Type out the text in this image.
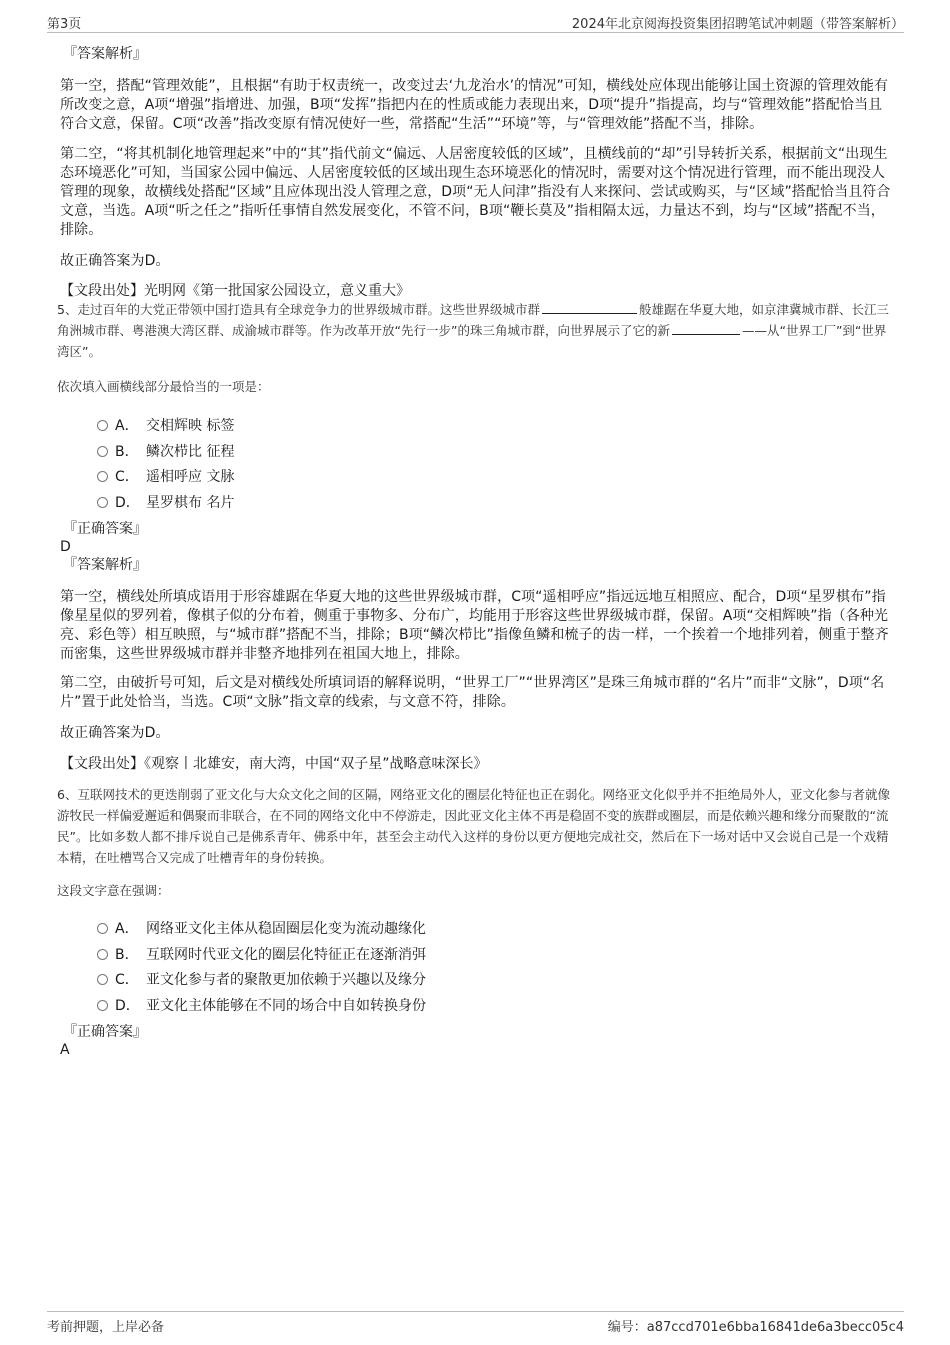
第3页	2024年北京阅海投资集团招聘笔试冲刺题（带答案解析）
『答案解析』

第一空，搭配“管理效能”，且根据“有助于权责统一，改变过去‘九龙治水’的情况”可知，横线处应体现出能够让国土资源的管理效能有所改变之意，A项“增强”指增进、加强，B项“发挥”指把内在的性质或能力表现出来，D项“提升”指提高，均与“管理效能”搭配恰当且符合文意，保留。C项“改善”指改变原有情况使好一些，常搭配“生活”“环境”等，与“管理效能”搭配不当，排除。

第二空，“将其机制化地管理起来”中的“其”指代前文“偏远、人居密度较低的区域”，且横线前的“却”引导转折关系，根据前文“出现生态环境恶化”可知，当国家公园中偏远、人居密度较低的区域出现生态环境恶化的情况时，需要对这个情况进行管理，而不能出现没人管理的现象，故横线处搭配“区域”且应体现出没人管理之意，D项“无人问津”指没有人来探问、尝试或购买，与“区域”搭配恰当且符合文意，当选。A项“听之任之”指听任事情自然发展变化，不管不问，B项“鞭长莫及”指相隔太远，力量达不到，均与“区域”搭配不当，排除。

故正确答案为D。

【文段出处】光明网《第一批国家公园设立，意义重大》

5、走过百年的大党正带领中国打造具有全球竞争力的世界级城市群。这些世界级城市群	般雄踞在华夏大地，如京津冀城市群、长江三角洲城市群、粤港澳大湾区群、成渝城市群等。作为改革开放“先行一步”的珠三角城市群，向世界展示了它的新	——从“世界工厂”到“世界湾区”。

依次填入画横线部分最恰当的一项是：

A． 交相辉映 标签
B． 鳞次栉比 征程
C． 遥相呼应 文脉
D． 星罗棋布 名片
『正确答案』
D
『答案解析』

第一空，横线处所填成语用于形容雄踞在华夏大地的这些世界级城市群，C项“遥相呼应”指远远地互相照应、配合，D项“星罗棋布”指像星星似的罗列着，像棋子似的分布着，侧重于事物多、分布广，均能用于形容这些世界级城市群，保留。A项“交相辉映”指（各种光亮、彩色等）相互映照，与“城市群”搭配不当，排除；B项“鳞次栉比”指像鱼鳞和梳子的齿一样，一个挨着一个地排列着，侧重于整齐而密集，这些世界级城市群并非整齐地排列在祖国大地上，排除。

第二空，由破折号可知，后文是对横线处所填词语的解释说明，“世界工厂”“世界湾区”是珠三角城市群的“名片”而非“文脉”，D项“名片”置于此处恰当，当选。C项“文脉”指文章的线索，与文意不符，排除。

故正确答案为D。

【文段出处】《观察丨北雄安，南大湾，中国“双子星”战略意味深长》

6、互联网技术的更迭削弱了亚文化与大众文化之间的区隔，网络亚文化的圈层化特征也正在弱化。网络亚文化似乎并不拒绝局外人，亚文化参与者就像游牧民一样偏爱邂逅和偶聚而非联合，在不同的网络文化中不停游走，因此亚文化主体不再是稳固不变的族群或圈层，而是依赖兴趣和缘分而聚散的“流民”。比如多数人都不排斥说自己是佛系青年、佛系中年，甚至会主动代入这样的身份以更方便地完成社交，然后在下一场对话中又会说自己是一个戏精本精，在吐槽骂合又完成了吐槽青年的身份转换。

这段文字意在强调：

A． 网络亚文化主体从稳固圈层化变为流动趣缘化
B． 互联网时代亚文化的圈层化特征正在逐渐消弭
C． 亚文化参与者的聚散更加依赖于兴趣以及缘分
D． 亚文化主体能够在不同的场合中自如转换身份
『正确答案』
A
考前押题，上岸必备	编号：a87ccd701e6bba16841de6a3becc05c4
